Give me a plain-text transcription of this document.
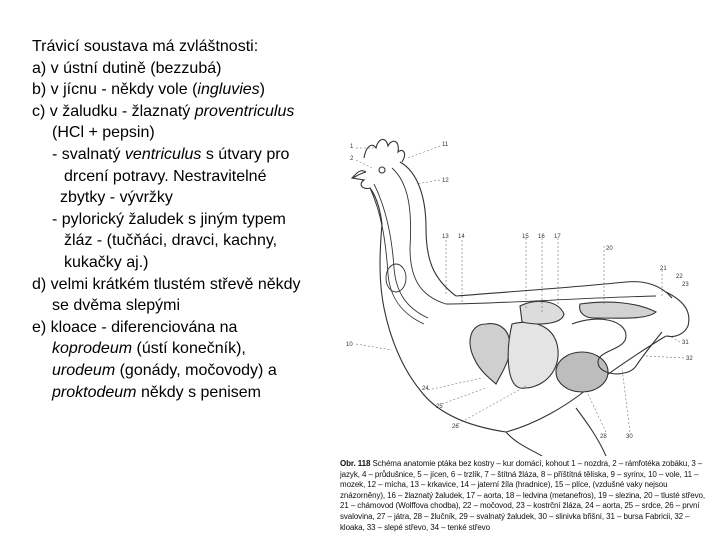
Trávicí soustava má zvláštnosti:
a) v ústní dutině (bezzubá)
b) v jícnu - někdy vole (ingluvies)
c) v žaludku - žlaznatý proventriculus
(HCl + pepsin)
- svalnatý ventriculus s útvary pro
drcení potravy. Nestravitelné
zbytky - vývržky
- pylorický žaludek s jiným typem
žláz - (tučňáci, dravci, kachny,
kukačky aj.)
d) velmi krátkém tlustém střevě někdy
se dvěma slepými
e) kloace - diferenciována na
koprodeum (ústí konečník),
urodeum (gonády, močovody) a
proktodeum někdy s penisem
1
2
11
12
13 14	15 16 17
20
21
22
23
10
24
25
26
28	30
31
32
Obr. 118 Schéma anatomie ptáka bez kostry – kur domácí, kohout 1 – nozdra, 2 – rámfotéka zobáku, 3 – jazyk, 4 – průdušnice, 5 – jícen, 6 – trzlík, 7 – štítná žláza, 8 – příštítná tělíska, 9 – syrinx, 10 – vole, 11 – mozek, 12 – mícha, 13 – krkavice, 14 – jaterní žíla (hradnice), 15 – plíce, (vzdušné vaky nejsou znázorněny), 16 – žlaznatý žaludek, 17 – aorta, 18 – ledvina (metanefros), 19 – slezina, 20 – tlusté střevo, 21 – chámovod (Wolffova chodba), 22 – močovod, 23 – kostrční žláza, 24 – aorta, 25 – srdce, 26 – první svalovina, 27 – játra, 28 – žlučník, 29 – svalnatý žaludek, 30 – slinivka břišní, 31 – bursa Fabricii, 32 – kloaka, 33 – slepé střevo, 34 – tenké střevo
